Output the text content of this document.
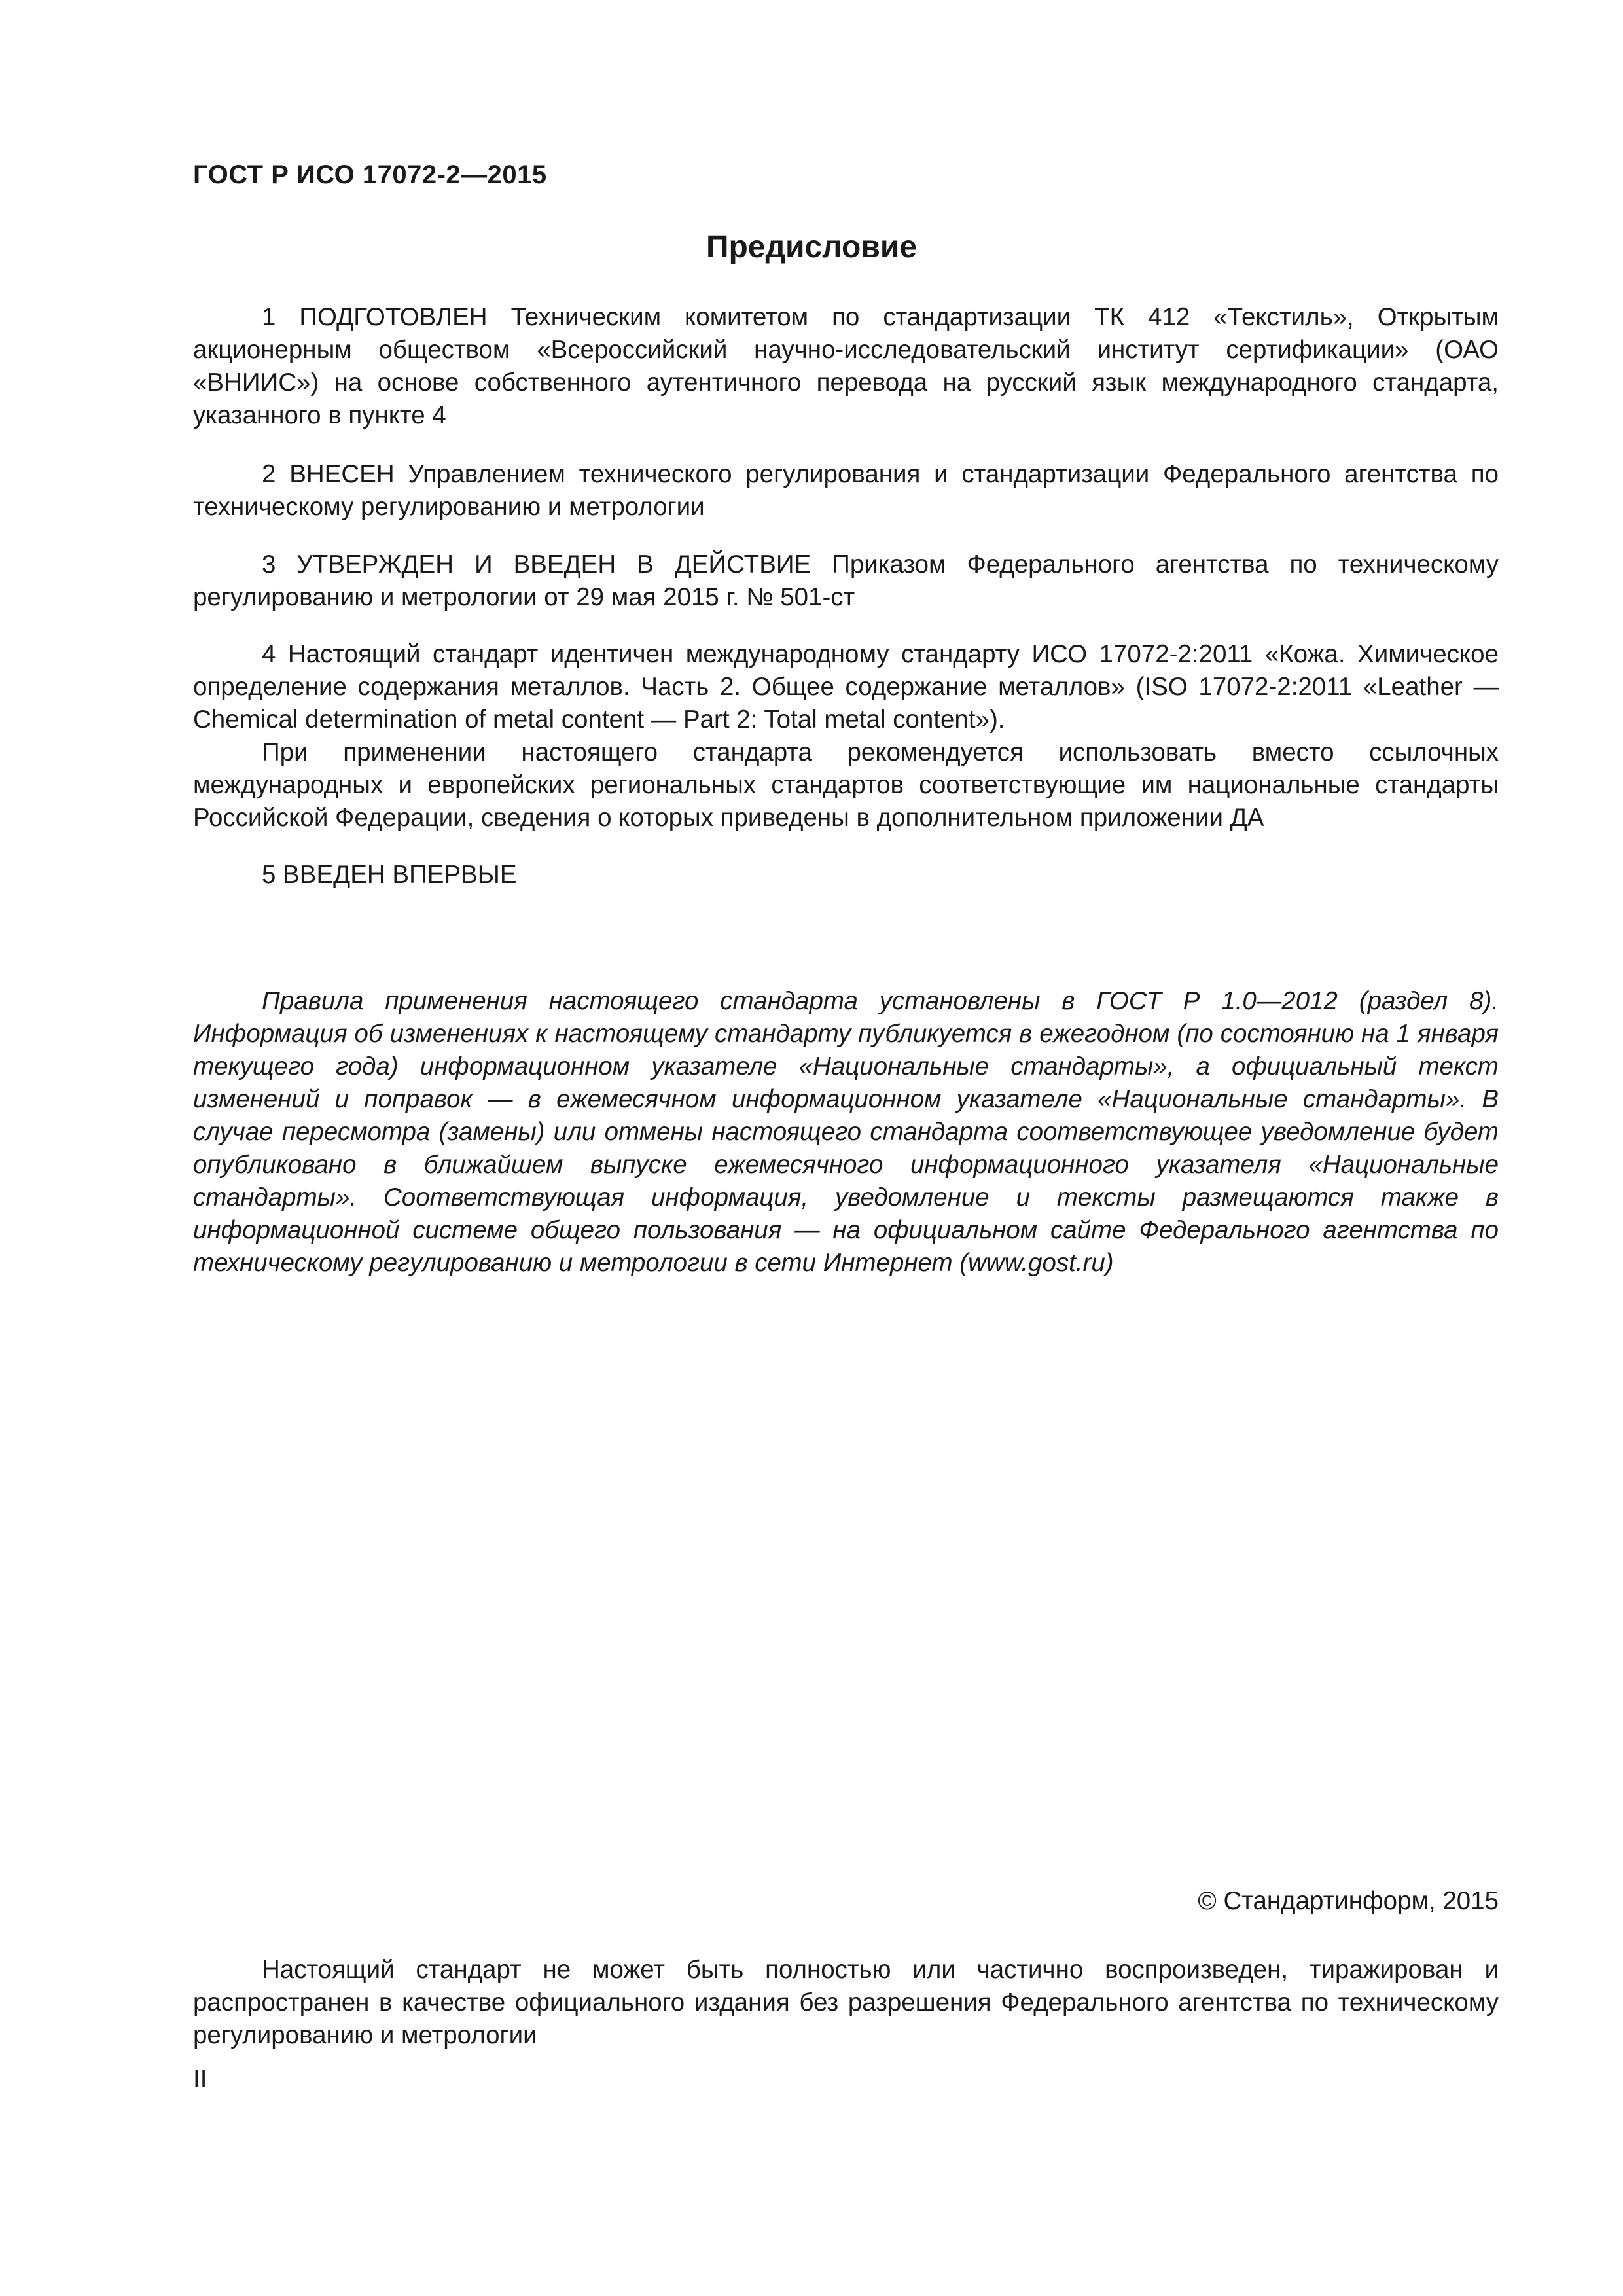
ГОСТ Р ИСО 17072-2—2015
Предисловие

1 ПОДГОТОВЛЕН Техническим комитетом по стандартизации ТК 412 «Текстиль», Открытым акционерным обществом «Всероссийский научно-исследовательский институт сертификации» (ОАО «ВНИИС») на основе собственного аутентичного перевода на русский язык международного стандарта, указанного в пункте 4

2 ВНЕСЕН Управлением технического регулирования и стандартизации Федерального агентства по техническому регулированию и метрологии

3 УТВЕРЖДЕН И ВВЕДЕН В ДЕЙСТВИЕ Приказом Федерального агентства по техническому регулированию и метрологии от 29 мая 2015 г. № 501-ст

4 Настоящий стандарт идентичен международному стандарту ИСО 17072-2:2011 «Кожа. Химическое определение содержания металлов. Часть 2. Общее содержание металлов» (ISO 17072-2:2011 «Leather — Chemical determination of metal content — Part 2: Total metal content»).

При применении настоящего стандарта рекомендуется использовать вместо ссылочных международных и европейских региональных стандартов соответствующие им национальные стандарты Российской Федерации, сведения о которых приведены в дополнительном приложении ДА

5 ВВЕДЕН ВПЕРВЫЕ

Правила применения настоящего стандарта установлены в ГОСТ Р 1.0—2012 (раздел 8). Информация об изменениях к настоящему стандарту публикуется в ежегодном (по состоянию на 1 января текущего года) информационном указателе «Национальные стандарты», а официальный текст изменений и поправок — в ежемесячном информационном указателе «Национальные стандарты». В случае пересмотра (замены) или отмены настоящего стандарта соответствующее уведомление будет опубликовано в ближайшем выпуске ежемесячного информационного указателя «Национальные стандарты». Соответствующая информация, уведомление и тексты размещаются также в информационной системе общего пользования — на официальном сайте Федерального агентства по техническому регулированию и метрологии в сети Интернет (www.gost.ru)

© Стандартинформ, 2015

Настоящий стандарт не может быть полностью или частично воспроизведен, тиражирован и распространен в качестве официального издания без разрешения Федерального агентства по техническому регулированию и метрологии

II
